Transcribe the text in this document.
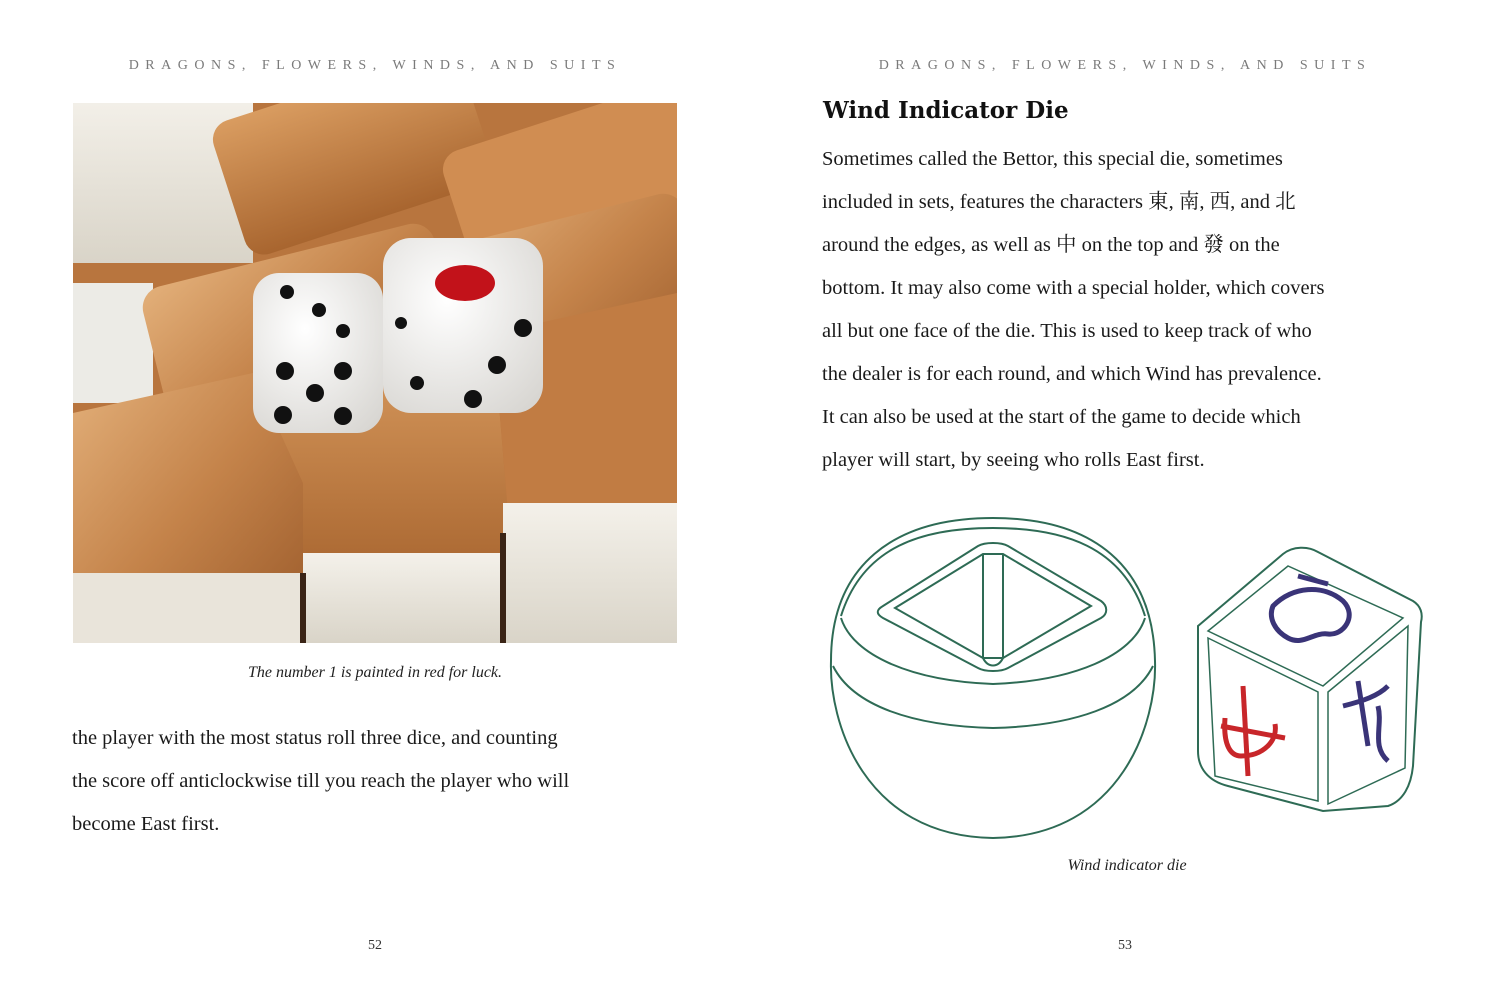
DRAGONS, FLOWERS, WINDS, AND SUITS
The number 1 is painted in red for luck.
the player with the most status roll three dice, and counting
the score off anticlockwise till you reach the player who will
become East first.
52
DRAGONS, FLOWERS, WINDS, AND SUITS
Wind Indicator Die
Sometimes called the Bettor, this special die, sometimes
included in sets, features the characters 東, 南, 西, and 北
around the edges, as well as 中 on the top and 發 on the
bottom. It may also come with a special holder, which covers
all but one face of the die. This is used to keep track of who
the dealer is for each round, and which Wind has prevalence.
It can also be used at the start of the game to decide which
player will start, by seeing who rolls East first.
Wind indicator die
53
